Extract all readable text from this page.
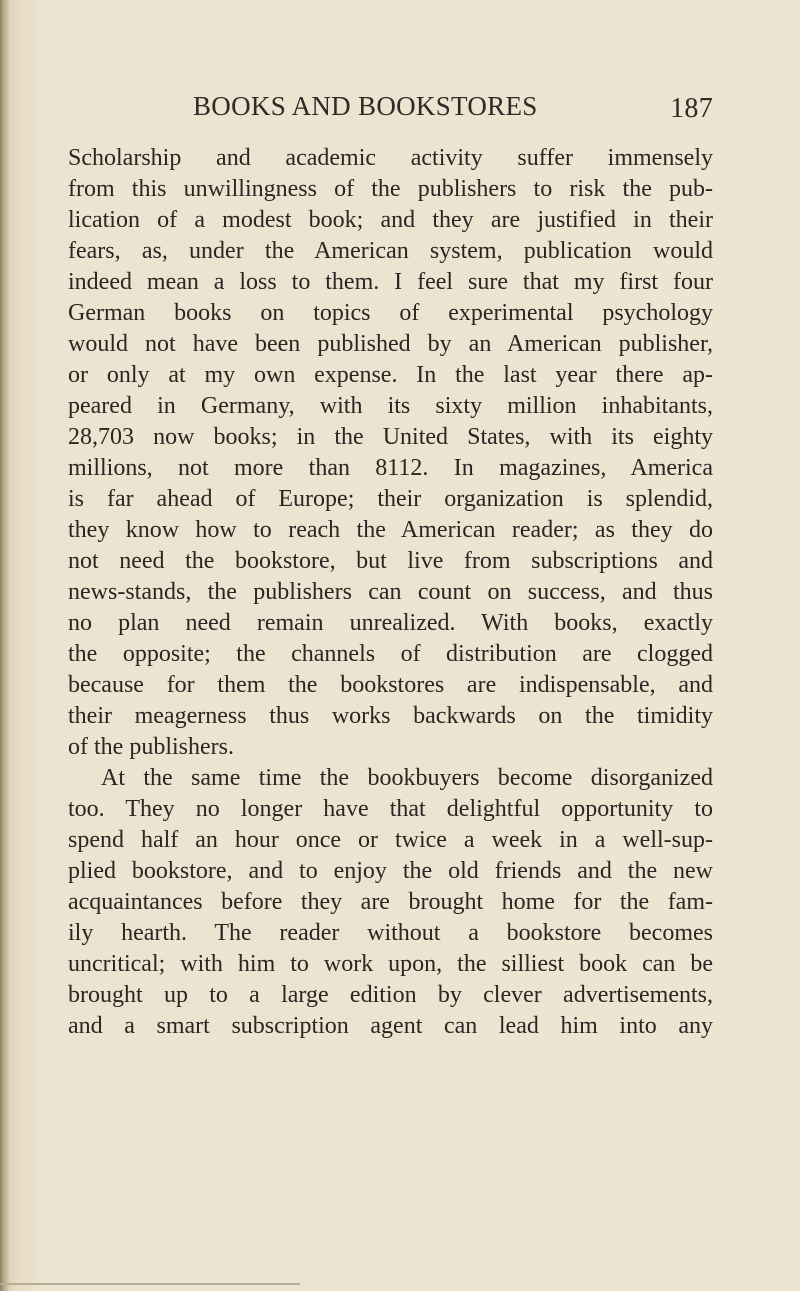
BOOKS AND BOOKSTORES	187
Scholarship and academic activity suffer immensely
from this unwillingness of the publishers to risk the pub-
lication of a modest book; and they are justified in their
fears, as, under the American system, publication would
indeed mean a loss to them. I feel sure that my first four
German books on topics of experimental psychology
would not have been published by an American publisher,
or only at my own expense. In the last year there ap-
peared in Germany, with its sixty million inhabitants,
28,703 now books; in the United States, with its eighty
millions, not more than 8112. In magazines, America
is far ahead of Europe; their organization is splendid,
they know how to reach the American reader; as they do
not need the bookstore, but live from subscriptions and
news-stands, the publishers can count on success, and thus
no plan need remain unrealized. With books, exactly
the opposite; the channels of distribution are clogged
because for them the bookstores are indispensable, and
their meagerness thus works backwards on the timidity
of the publishers.
At the same time the bookbuyers become disorganized
too. They no longer have that delightful opportunity to
spend half an hour once or twice a week in a well-sup-
plied bookstore, and to enjoy the old friends and the new
acquaintances before they are brought home for the fam-
ily hearth. The reader without a bookstore becomes
uncritical; with him to work upon, the silliest book can be
brought up to a large edition by clever advertisements,
and a smart subscription agent can lead him into any
